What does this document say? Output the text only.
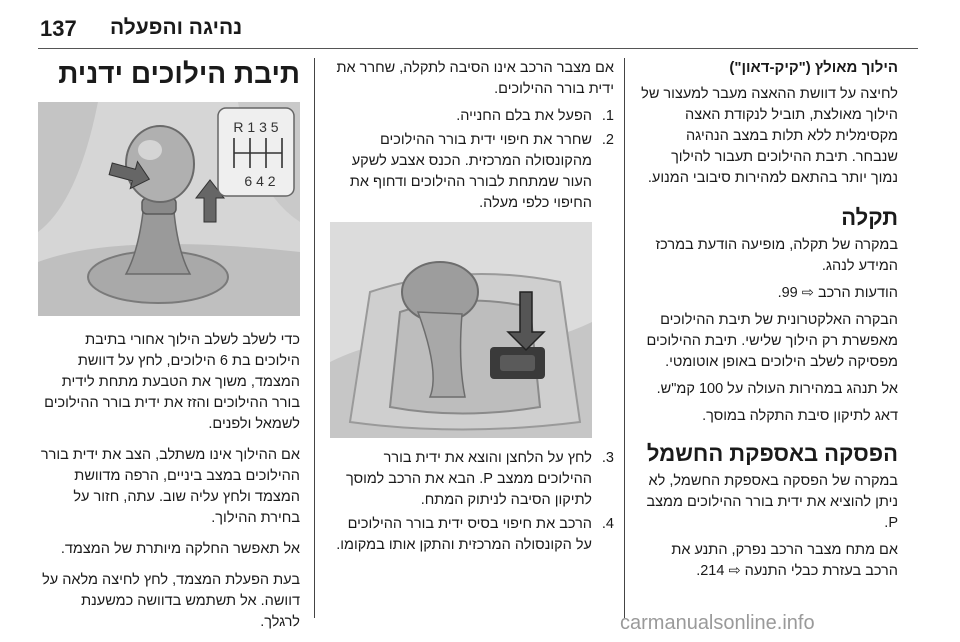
137 נהיגה והפעלה
הילוך מאולץ ("קיק-דאון")

לחיצה על דוושת ההאצה מעבר למעצור של הילוך מאולצת, תוביל לנקודת האצה מקסימלית ללא תלות במצב הנהיגה שנבחר. תיבת ההילוכים תעבור להילוך נמוך יותר בהתאם למהירות סיבובי המנוע.

תקלה

במקרה של תקלה, מופיעה הודעת במרכז המידע לנהג.

הודעות הרכב ⇨ 99.

הבקרה האלקטרונית של תיבת ההילוכים מאפשרת רק הילוך שלישי. תיבת ההילוכים מפסיקה לשלב הילוכים באופן אוטומטי.

אל תנהג במהירות העולה על 100 קמ"ש.

דאג לתיקון סיבת התקלה במוסך.

הפסקה באספקת החשמל

במקרה של הפסקה באספקת החשמל, לא ניתן להוציא את ידית בורר ההילוכים ממצב P.

אם מתח מצבר הרכב נפרק, התנע את הרכב בעזרת כבלי התנעה ⇨ 214.

אם מצבר הרכב אינו הסיבה לתקלה, שחרר את ידית בורר ההילוכים.

1.
הפעל את בלם החנייה.
2.
שחרר את חיפוי ידית בורר ההילוכים מהקונסולה המרכזית. הכנס אצבע לשקע העור שמתחת לבורר ההילוכים ודחוף את החיפוי כלפי מעלה.
3.
לחץ על הלחצן והוצא את ידית בורר ההילוכים ממצב P. הבא את הרכב למוסך לתיקון הסיבה לניתוק המתח.
4.
הרכב את חיפוי בסיס ידית בורר ההילוכים על הקונסולה המרכזית והתקן אותו במקומו.
תיבת הילוכים ידנית
R 1 3 5
2 4 6

כדי לשלב לשלב הילוך אחורי בתיבת הילוכים בת 6 הילוכים, לחץ על דוושת המצמד, משוך את הטבעת מתחת לידית בורר ההילוכים והזז את ידית בורר ההילוכים לשמאל ולפנים.

אם ההילוך אינו משתלב, הצב את ידית בורר ההילוכים במצב ביניים, הרפה מדוושת המצמד ולחץ עליה שוב. עתה, חזור על בחירת ההילוך.

אל תאפשר החלקה מיותרת של המצמד.

בעת הפעלת המצמד, לחץ לחיצה מלאה על דוושה. אל תשתמש בדוושה כמשענת לרגלך.	carmanualsonline.info
